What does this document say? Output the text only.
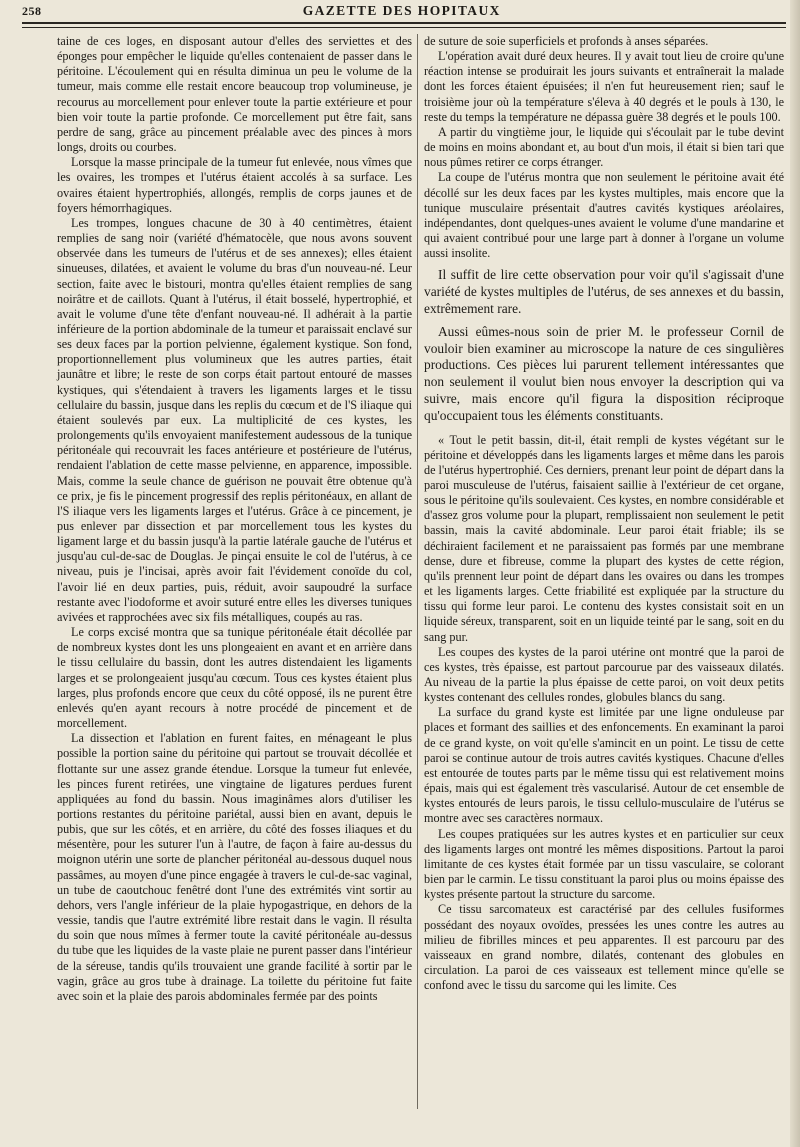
258	GAZETTE DES HOPITAUX

taine de ces loges, en disposant autour d'elles des serviettes et des éponges pour empêcher le liquide qu'elles contenaient de passer dans le péritoine. L'écoulement qui en résulta diminua un peu le volume de la tumeur, mais comme elle restait encore beaucoup trop volumineuse, je recourus au morcellement pour enlever toute la partie extérieure et pour bien voir toute la partie profonde. Ce morcellement put être fait, sans perdre de sang, grâce au pincement préalable avec des pinces à mors longs, droits ou courbes.

Lorsque la masse principale de la tumeur fut enlevée, nous vîmes que les ovaires, les trompes et l'utérus étaient accolés à sa surface. Les ovaires étaient hypertrophiés, allongés, remplis de corps jaunes et de foyers hémorrhagiques.

Les trompes, longues chacune de 30 à 40 centimètres, étaient remplies de sang noir (variété d'hématocèle, que nous avons souvent observée dans les tumeurs de l'utérus et de ses annexes); elles étaient sinueuses, dilatées, et avaient le volume du bras d'un nouveau-né. Leur section, faite avec le bistouri, montra qu'elles étaient remplies de sang noirâtre et de caillots. Quant à l'utérus, il était bosselé, hypertrophié, et avait le volume d'une tête d'enfant nouveau-né. Il adhérait à la partie inférieure de la portion abdominale de la tumeur et paraissait enclavé sur ses deux faces par la portion pelvienne, également kystique. Son fond, proportionnellement plus volumineux que les autres parties, était jaunâtre et libre; le reste de son corps était partout entouré de masses kystiques, qui s'étendaient à travers les ligaments larges et le tissu cellulaire du bassin, jusque dans les replis du cœcum et de l'S iliaque qui étaient soulevés par eux. La multiplicité de ces kystes, les prolongements qu'ils envoyaient manifestement audessous de la tunique péritonéale qui recouvrait les faces antérieure et postérieure de l'utérus, rendaient l'ablation de cette masse pelvienne, en apparence, impossible. Mais, comme la seule chance de guérison ne pouvait être obtenue qu'à ce prix, je fis le pincement progressif des replis péritonéaux, en allant de l'S iliaque vers les ligaments larges et l'utérus. Grâce à ce pincement, je pus enlever par dissection et par morcellement tous les kystes du ligament large et du bassin jusqu'à la partie latérale gauche de l'utérus et jusqu'au cul-de-sac de Douglas. Je pinçai ensuite le col de l'utérus, à ce niveau, puis je l'incisai, après avoir fait l'évidement conoïde du col, l'avoir lié en deux parties, puis, réduit, avoir saupoudré la surface restante avec l'iodoforme et avoir suturé entre elles les diverses tuniques avivées et rapprochées avec six fils métalliques, coupés au ras.

Le corps excisé montra que sa tunique péritonéale était décollée par de nombreux kystes dont les uns plongeaient en avant et en arrière dans le tissu cellulaire du bassin, dont les autres distendaient les ligaments larges et se prolongeaient jusqu'au cœcum. Tous ces kystes étaient plus larges, plus profonds encore que ceux du côté opposé, ils ne purent être enlevés qu'en ayant recours à notre procédé de pincement et de morcellement.

La dissection et l'ablation en furent faites, en ménageant le plus possible la portion saine du péritoine qui partout se trouvait décollée et flottante sur une assez grande étendue. Lorsque la tumeur fut enlevée, les pinces furent retirées, une vingtaine de ligatures perdues furent appliquées au fond du bassin. Nous imaginâmes alors d'utiliser les portions restantes du péritoine pariétal, aussi bien en avant, depuis le pubis, que sur les côtés, et en arrière, du côté des fosses iliaques et du mésentère, pour les suturer l'un à l'autre, de façon à faire au-dessus du moignon utérin une sorte de plancher péritonéal au-dessous duquel nous passâmes, au moyen d'une pince engagée à travers le cul-de-sac vaginal, un tube de caoutchouc fenêtré dont l'une des extrémités vint sortir au dehors, vers l'angle inférieur de la plaie hypogastrique, en dehors de la vessie, tandis que l'autre extrémité libre restait dans le vagin. Il résulta du soin que nous mîmes à fermer toute la cavité péritonéale au-dessus du tube que les liquides de la vaste plaie ne purent passer dans l'intérieur de la séreuse, tandis qu'ils trouvaient une grande facilité à sortir par le vagin, grâce au gros tube à drainage. La toilette du péritoine fut faite avec soin et la plaie des parois abdominales fermée par des points

de suture de soie superficiels et profonds à anses séparées.

L'opération avait duré deux heures. Il y avait tout lieu de croire qu'une réaction intense se produirait les jours suivants et entraînerait la malade dont les forces étaient épuisées; il n'en fut heureusement rien; sauf le troisième jour où la température s'éleva à 40 degrés et le pouls à 130, le reste du temps la température ne dépassa guère 38 degrés et le pouls 100.

A partir du vingtième jour, le liquide qui s'écoulait par le tube devint de moins en moins abondant et, au bout d'un mois, il était si bien tari que nous pûmes retirer ce corps étranger.

La coupe de l'utérus montra que non seulement le péritoine avait été décollé sur les deux faces par les kystes multiples, mais encore que la tunique musculaire présentait d'autres cavités kystiques aréolaires, indépendantes, dont quelques-unes avaient le volume d'une mandarine et qui avaient contribué pour une large part à donner à l'organe un volume aussi insolite.

Il suffit de lire cette observation pour voir qu'il s'agissait d'une variété de kystes multiples de l'utérus, de ses annexes et du bassin, extrêmement rare.

Aussi eûmes-nous soin de prier M. le professeur Cornil de vouloir bien examiner au microscope la nature de ces singulières productions. Ces pièces lui parurent tellement intéressantes que non seulement il voulut bien nous envoyer la description qui va suivre, mais encore qu'il figura la disposition réciproque qu'occupaient tous les éléments constituants.

« Tout le petit bassin, dit-il, était rempli de kystes végétant sur le péritoine et développés dans les ligaments larges et même dans les parois de l'utérus hypertrophié. Ces derniers, prenant leur point de départ dans la paroi musculeuse de l'utérus, faisaient saillie à l'extérieur de cet organe, sous le péritoine qu'ils soulevaient. Ces kystes, en nombre considérable et d'assez gros volume pour la plupart, remplissaient non seulement le petit bassin, mais la cavité abdominale. Leur paroi était friable; ils se déchiraient facilement et ne paraissaient pas formés par une membrane dense, dure et fibreuse, comme la plupart des kystes de cette région, qu'ils prennent leur point de départ dans les ovaires ou dans les trompes et les ligaments larges. Cette friabilité est expliquée par la structure du tissu qui forme leur paroi. Le contenu des kystes consistait soit en un liquide séreux, transparent, soit en un liquide teinté par le sang, soit en du sang pur.

Les coupes des kystes de la paroi utérine ont montré que la paroi de ces kystes, très épaisse, est partout parcourue par des vaisseaux dilatés. Au niveau de la partie la plus épaisse de cette paroi, on voit deux petits kystes contenant des cellules rondes, globules blancs du sang.

La surface du grand kyste est limitée par une ligne onduleuse par places et formant des saillies et des enfoncements. En examinant la paroi de ce grand kyste, on voit qu'elle s'amincit en un point. Le tissu de cette paroi se continue autour de trois autres cavités kystiques. Chacune d'elles est entourée de toutes parts par le même tissu qui est relativement moins épais, mais qui est également très vascularisé. Autour de cet ensemble de kystes entourés de leurs parois, le tissu cellulo-musculaire de l'utérus se montre avec ses caractères normaux.

Les coupes pratiquées sur les autres kystes et en particulier sur ceux des ligaments larges ont montré les mêmes dispositions. Partout la paroi limitante de ces kystes était formée par un tissu vasculaire, se colorant bien par le carmin. Le tissu constituant la paroi plus ou moins épaisse des kystes présente partout la structure du sarcome.

Ce tissu sarcomateux est caractérisé par des cellules fusiformes possédant des noyaux ovoïdes, pressées les unes contre les autres au milieu de fibrilles minces et peu apparentes. Il est parcouru par des vaisseaux en grand nombre, dilatés, contenant des globules en circulation. La paroi de ces vaisseaux est tellement mince qu'elle se confond avec le tissu du sarcome qui les limite. Ces
